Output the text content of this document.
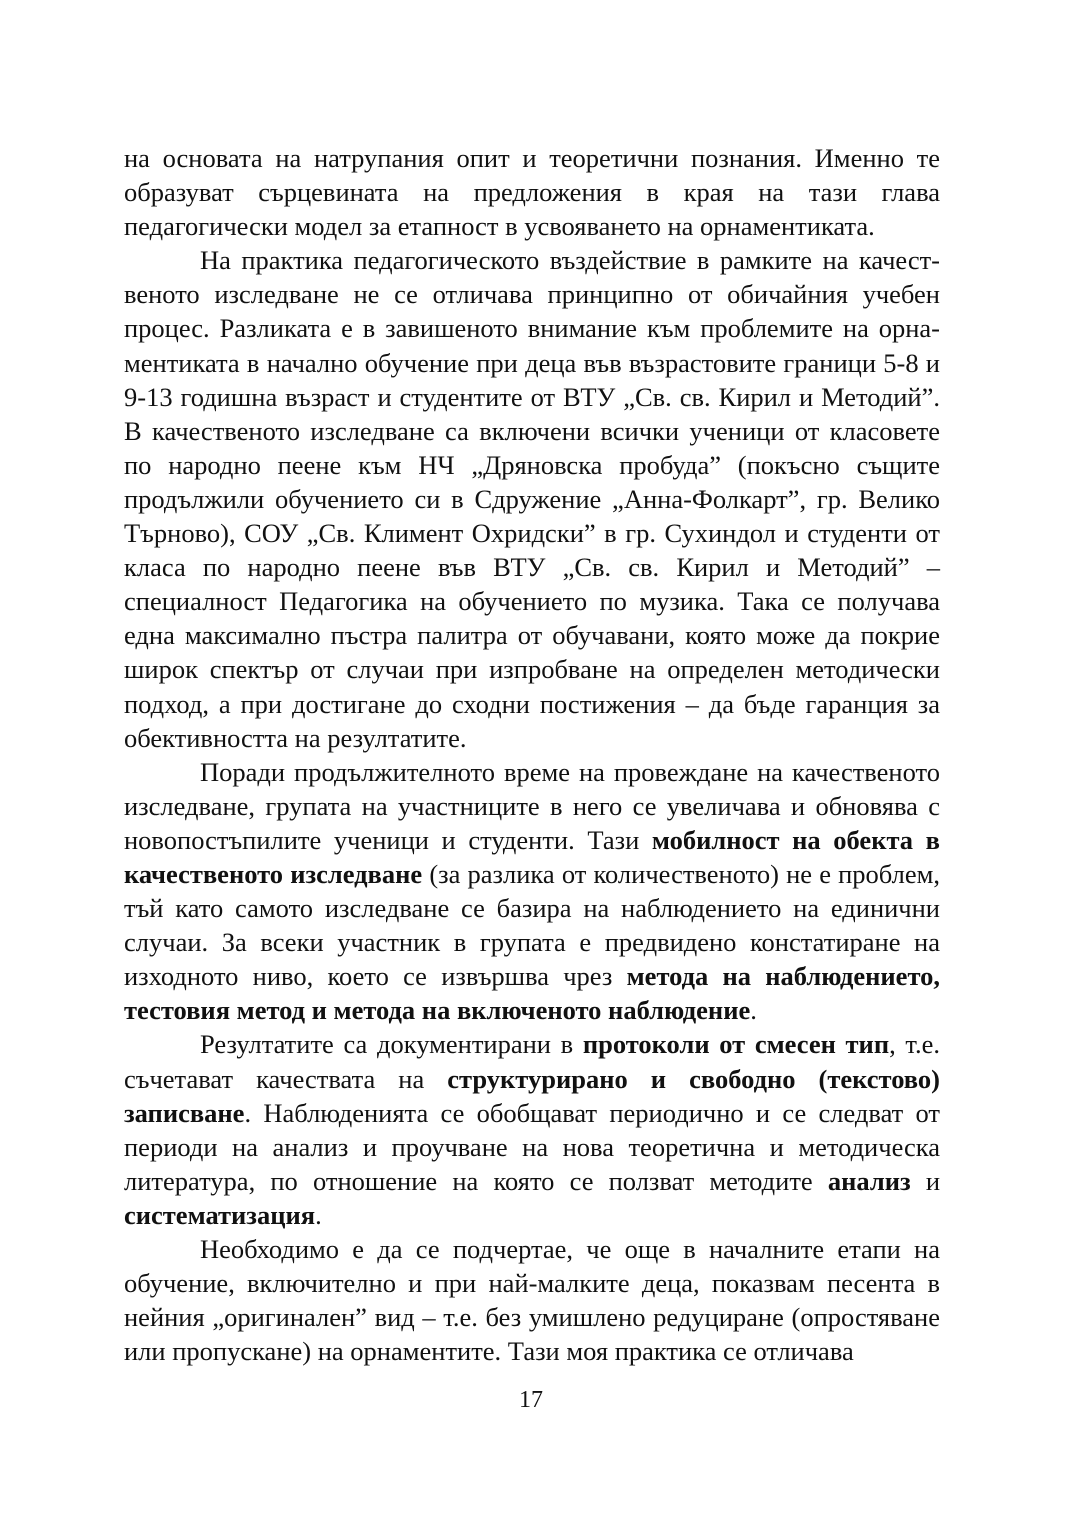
на основата на натрупания опит и теоретични познания. Именно те образуват сърцевината на предложения в края на тази глава педагогически модел за етапност в усвояването на орнаментиката.

На практика педагогическото въздействие в рамките на качественото изследване не се отличава принципно от обичайния учебен процес. Разликата е в завишеното внимание към проблемите на орнаментиката в начално обучение при деца във възрастовите граници 5-8 и 9-13 годишна възраст и студентите от ВТУ „Св. св. Кирил и Методий”. В качественото изследване са включени всички ученици от класовете по народно пеене към НЧ „Дряновска пробуда” (покъсно същите продължили обучението си в Сдружение „Анна-Фолкарт”, гр. Велико Търново), СОУ „Св. Климент Охридски” в гр. Сухиндол и студенти от класа по народно пеене във ВТУ „Св. св. Кирил и Методий” – специалност Педагогика на обучението по музика. Така се получава една максимално пъстра палитра от обучавани, която може да покрие широк спектър от случаи при изпробване на определен методически подход, а при достигане до сходни постижения – да бъде гаранция за обективността на резултатите.

Поради продължителното време на провеждане на качественото изследване, групата на участниците в него се увеличава и обновява с новопостъпилите ученици и студенти. Тази мобилност на обекта в качественото изследване (за разлика от количественото) не е проблем, тъй като самото изследване се базира на наблюдението на единични случаи. За всеки участник в групата е предвидено констатиране на изходното ниво, което се извършва чрез метода на наблюдението, тестовия метод и метода на включеното наблюдение.

Резултатите са документирани в протоколи от смесен тип, т.е. съчетават качествата на структурирано и свободно (текстово) записване. Наблюденията се обобщават периодично и се следват от периоди на анализ и проучване на нова теоретична и методическа литература, по отношение на която се ползват методите анализ и систематизация.

Необходимо е да се подчертае, че още в началните етапи на обучение, включително и при най-малките деца, показвам песента в нейния „оригинален” вид – т.е. без умишлено редуциране (опростяване или пропускане) на орнаментите. Тази моя практика се отличава

17
